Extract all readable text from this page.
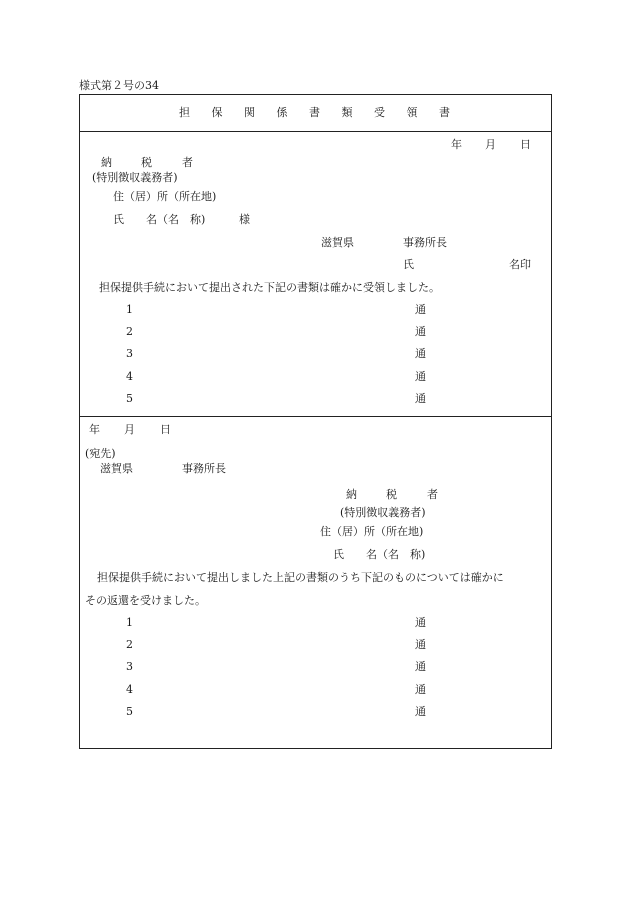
様式第２号の34
担 保 関 係 書 類 受 領 書
年 月 日
納	税	者
(特別徴収義務者)
住（居）所（所在地)
氏　　名（名　称)	様
滋賀県	事務所長
氏	名印
担保提供手続において提出された下記の書類は確かに受領しました。
1	通
2	通
3	通
4	通
5	通
年 月 日
(宛先)
滋賀県	事務所長
納	税	者
(特別徴収義務者)
住（居）所（所在地)
氏　　名（名　称)
担保提供手続において提出しました上記の書類のうち下記のものについては確かに
その返還を受けました。
1	通
2	通
3	通
4	通
5	通
